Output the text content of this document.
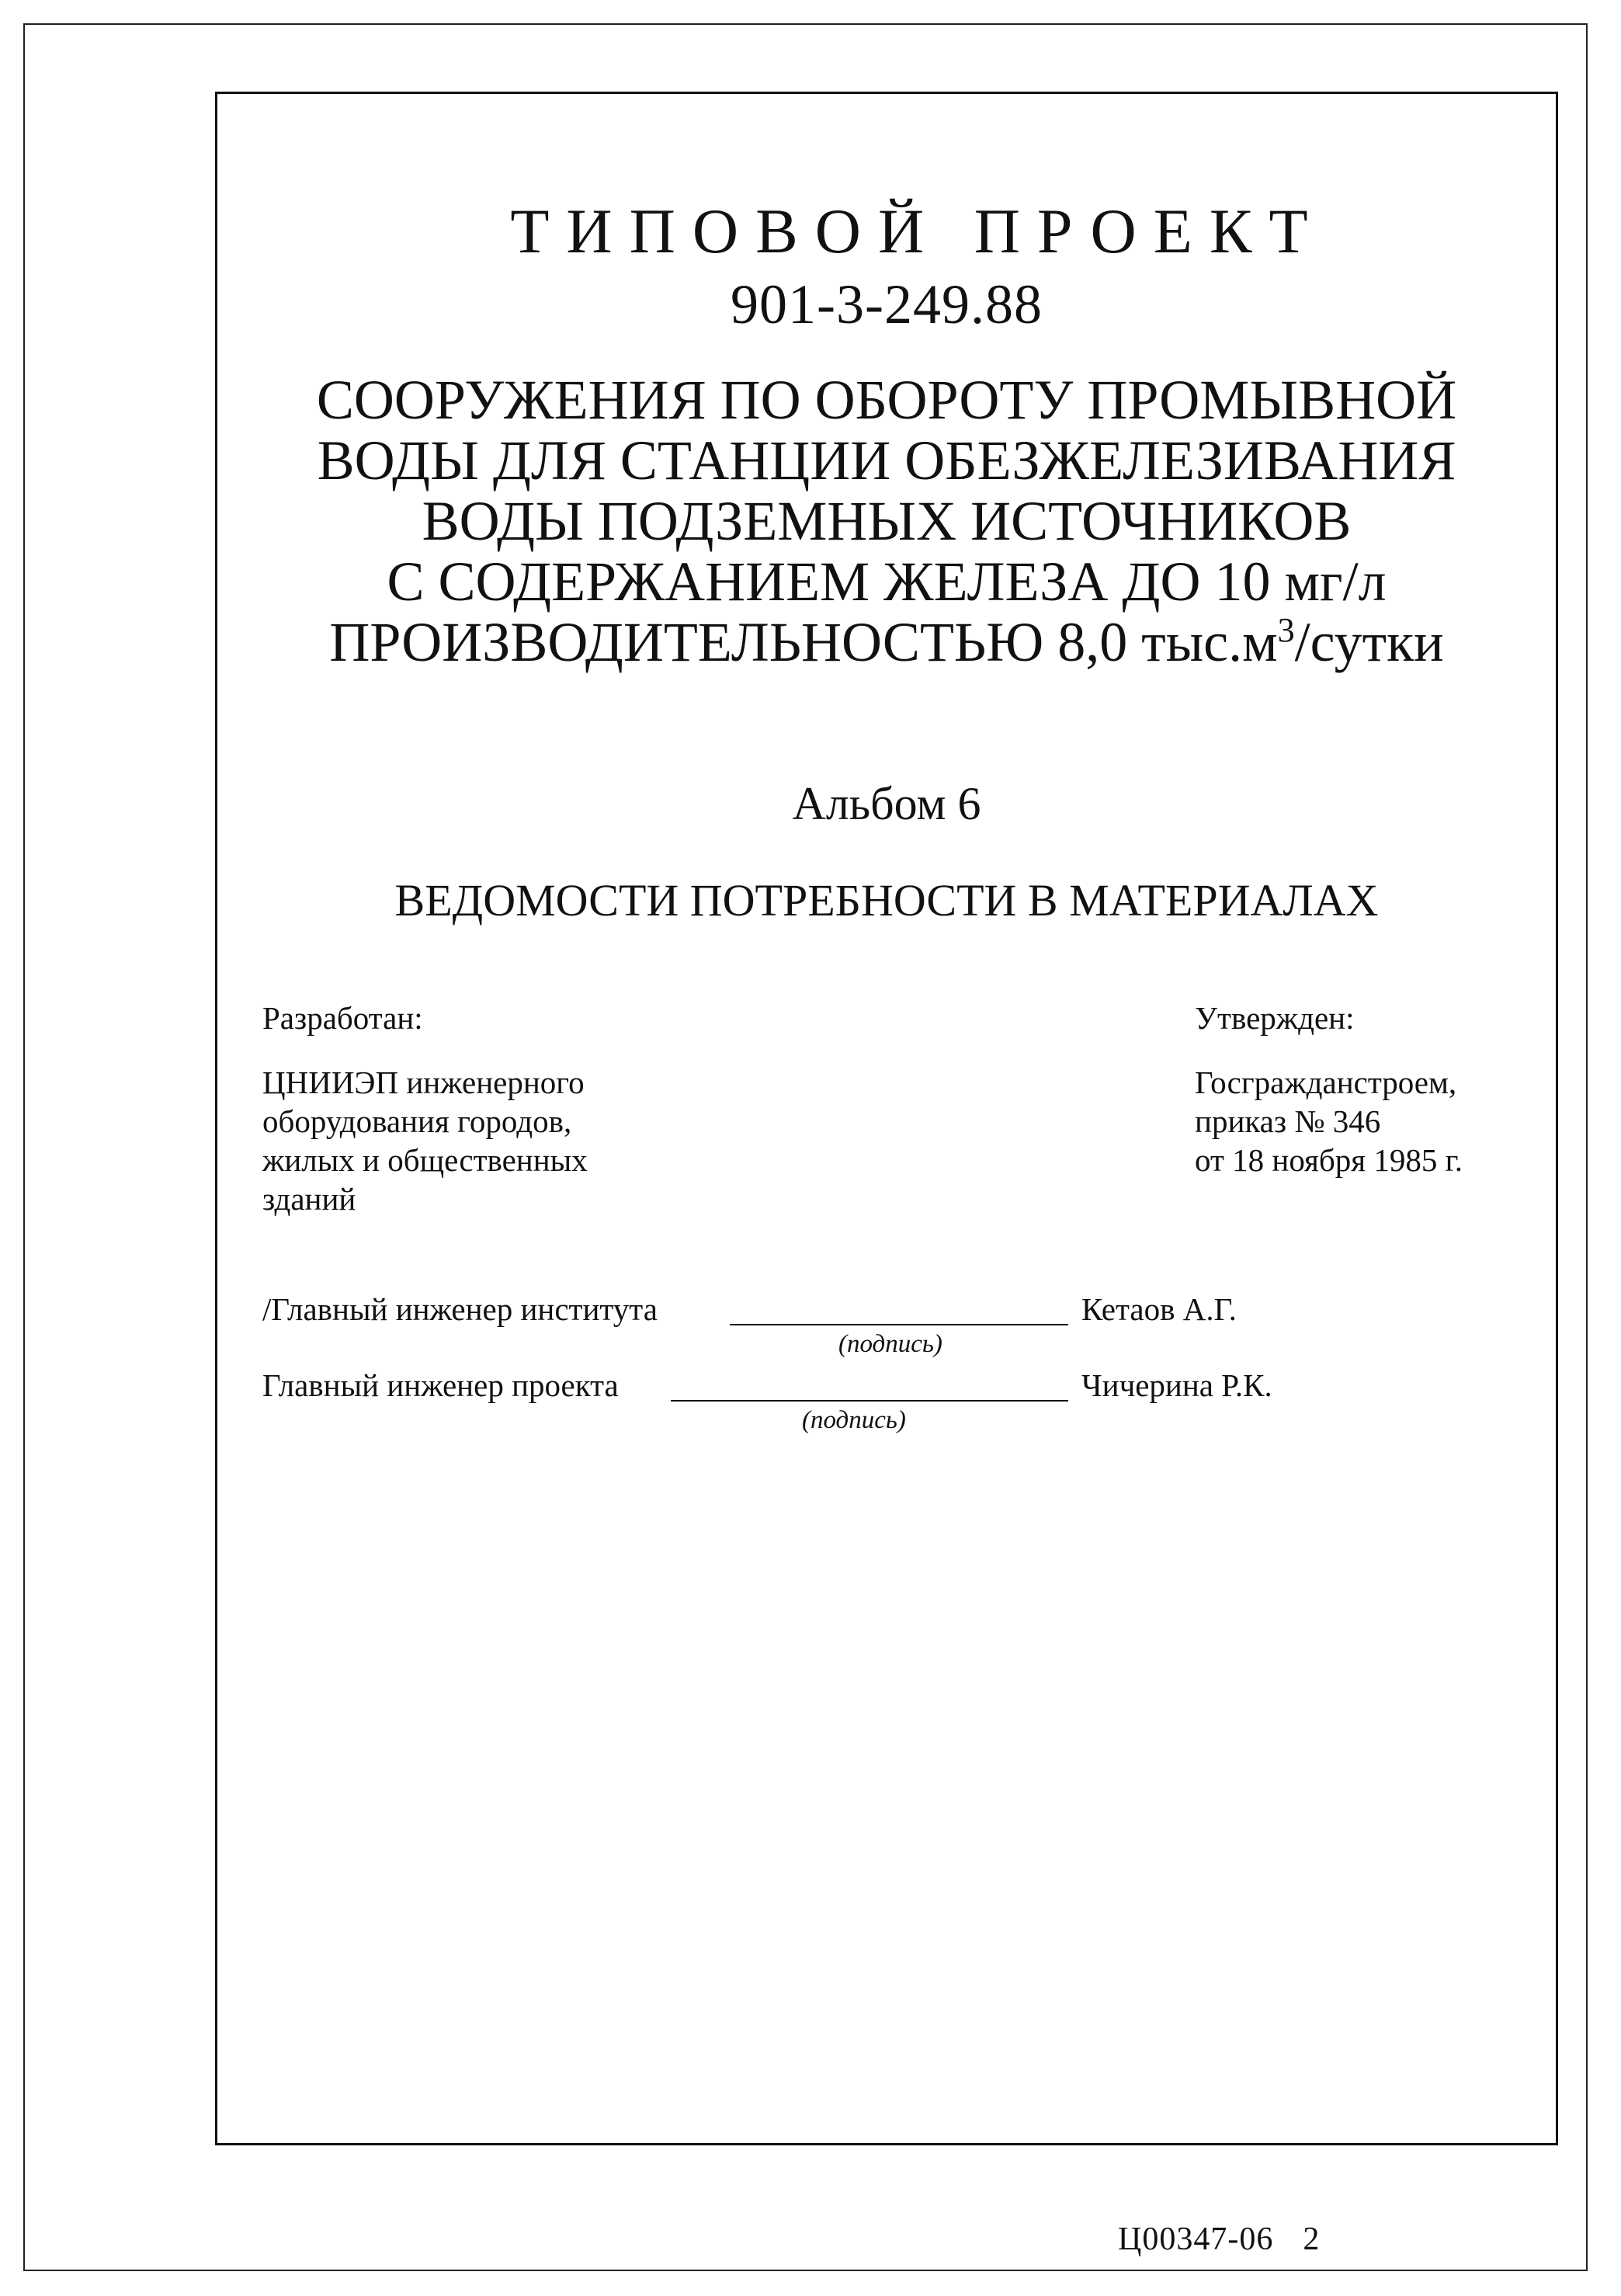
ТИПОВОЙ ПРОЕКТ
901-3-249.88
СООРУЖЕНИЯ ПО ОБОРОТУ ПРОМЫВНОЙ
ВОДЫ ДЛЯ СТАНЦИИ ОБЕЗЖЕЛЕЗИВАНИЯ
ВОДЫ ПОДЗЕМНЫХ ИСТОЧНИКОВ
С СОДЕРЖАНИЕМ ЖЕЛЕЗА ДО 10 мг/л
ПРОИЗВОДИТЕЛЬНОСТЬЮ 8,0 $тыс.м^3$/сутки
Альбом 6
ВЕДОМОСТИ ПОТРЕБНОСТИ В МАТЕРИАЛАХ
Разработан:
ЦНИИЭП инженерного
оборудования городов,
жилых и общественных
зданий
Утвержден:
Госгражданстроем,
приказ № 346
от 18 ноября 1985 г.
/Главный инженер института
(подпись)
Кетаов А.Г.
Главный инженер проекта
(подпись)
Чичерина Р.К.
Ц00347-06 2
